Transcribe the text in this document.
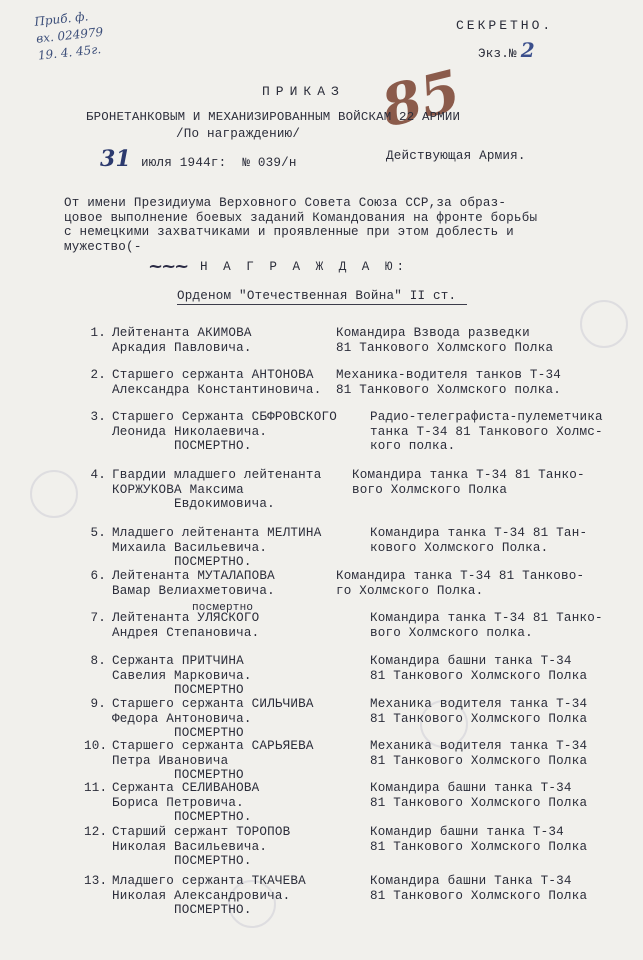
Приб. ф.
вх. 024979
19. 4. 45г.
СЕКРЕТНО.
Экз.№ 2
85
ПРИКАЗ
БРОНЕТАНКОВЫМ И МЕХАНИЗИРОВАННЫМ ВОЙСКАМ 22 АРМИИ
/По награждению/
31 июля 1944г: № 039/н	Действующая Армия.
От имени Президиума Верховного Совета Союза ССР,за образ-
цовое выполнение боевых заданий Командования на фронте борьбы
с немецкими захватчиками и проявленные при этом доблесть и
мужество(-
~~~ Н А Г Р А Ж Д А Ю:
Орденом "Отечественная Война" II ст.
1. Лейтенанта АКИМОВА
Аркадия Павловича.
Командира Взвода разведки
81 Танкового Холмского Полка
2. Старшего сержанта АНТОНОВА
Александра Константиновича.
Механика-водителя танков Т-34
81 Танкового Холмского полка.
3. Старшего Сержанта СБФРОВСКОГО
Леонида Николаевича.
ПОСМЕРТНО.
Радио-телеграфиста-пулеметчика
танка Т-34 81 Танкового Холмс-
кого полка.
4. Гвардии младшего лейтенанта
КОРЖУКОВА Максима
Евдокимовича.
Командира танка Т-34 81 Танко-
вого Холмского Полка
5. Младшего лейтенанта МЕЛТИНА
Михаила Васильевича.
ПОСМЕРТНО.
Командира танка Т-34 81 Тан-
кового Холмского Полка.
6. Лейтенанта МУТАЛАПОВА
Вамар Велиахметовича.
Командира танка Т-34 81 Танково-
го Холмского Полка.
7.
посмертно
Лейтенанта УЛЯСКОГО
Андрея Степановича.
Командира танка Т-34 81 Танко-
вого Холмского полка.
8. Сержанта ПРИТЧИНА
Савелия Марковича.
ПОСМЕРТНО
Командира башни танка Т-34
81 Танкового Холмского Полка
9. Старшего сержанта СИЛЬЧИВА
Федора Антоновича.
ПОСМЕРТНО
Механика водителя танка Т-34
81 Танкового Холмского Полка
10. Старшего сержанта САРЬЯЕВА
Петра Ивановича
ПОСМЕРТНО
Механика водителя танка Т-34
81 Танкового Холмского Полка
11. Сержанта СЕЛИВАНОВА
Бориса Петровича.
ПОСМЕРТНО.
Командира башни танка Т-34
81 Танкового Холмского Полка
12. Старший сержант ТОРОПОВ
Николая Васильевича.
ПОСМЕРТНО.
Командир башни танка Т-34
81 Танкового Холмского Полка
13. Младшего сержанта ТКАЧЕВА
Николая Александровича.
ПОСМЕРТНО.
Командира башни Танка Т-34
81 Танкового Холмского Полка
